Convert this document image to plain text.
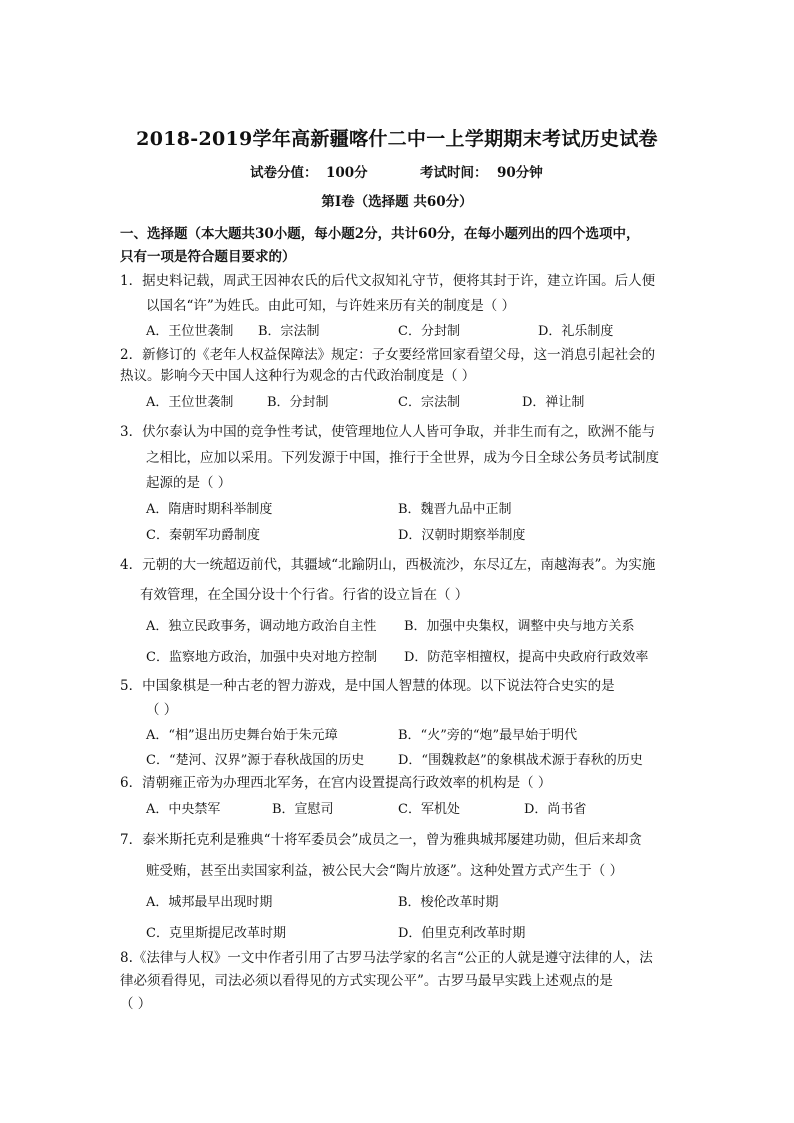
2018-2019学年高新疆喀什二中一上学期期末考试历史试卷
试卷分值： 100分	考试时间： 90分钟
第Ⅰ卷（选择题 共60分）
一、选择题（本大题共30小题，每小题2分，共计60分，在每小题列出的四个选项中，
只有一项是符合题目要求的）
1．据史料记载，周武王因神农氏的后代文叔知礼守节，便将其封于许，建立许国。后人便
以国名“许”为姓氏。由此可知，与许姓来历有关的制度是（ ）
A．王位世袭制 B．宗法制	C．分封制	D．礼乐制度
2．新修订的《老年人权益保障法》规定：子女要经常回家看望父母，这一消息引起社会的
热议。影响今天中国人这种行为观念的古代政治制度是（ ）
A．王位世袭制	B．分封制	C．宗法制	D．禅让制
3．伏尔泰认为中国的竞争性考试，使管理地位人人皆可争取，并非生而有之，欧洲不能与
之相比，应加以采用。下列发源于中国，推行于全世界，成为今日全球公务员考试制度
起源的是（ ）
A．隋唐时期科举制度	B．魏晋九品中正制
C．秦朝军功爵制度	D．汉朝时期察举制度
4．元朝的大一统超迈前代，其疆域“北踰阴山，西极流沙，东尽辽左，南越海表”。为实施
有效管理，在全国分设十个行省。行省的设立旨在（ ）
A．独立民政事务，调动地方政治自主性 B．加强中央集权，调整中央与地方关系
C．监察地方政治，加强中央对地方控制 D．防范宰相擅权，提高中央政府行政效率
5．中国象棋是一种古老的智力游戏，是中国人智慧的体现。以下说法符合史实的是
（ ）
A．“相”退出历史舞台始于朱元璋	B．“火”旁的“炮”最早始于明代
C．“楚河、汉界”源于春秋战国的历史	D．“围魏救赵”的象棋战术源于春秋的历史
6．清朝雍正帝为办理西北军务，在宫内设置提高行政效率的机构是（ ）
A．中央禁军	B．宣慰司	C．军机处	D．尚书省
7．泰米斯托克利是雅典“十将军委员会”成员之一，曾为雅典城邦屡建功勋，但后来却贪
赃受贿，甚至出卖国家利益，被公民大会“陶片放逐”。这种处置方式产生于（ ）
A．城邦最早出现时期	B．梭伦改革时期
C．克里斯提尼改革时期	D．伯里克利改革时期
8.《法律与人权》一文中作者引用了古罗马法学家的名言“公正的人就是遵守法律的人，法
律必须看得见，司法必须以看得见的方式实现公平”。古罗马最早实践上述观点的是
（ ）
